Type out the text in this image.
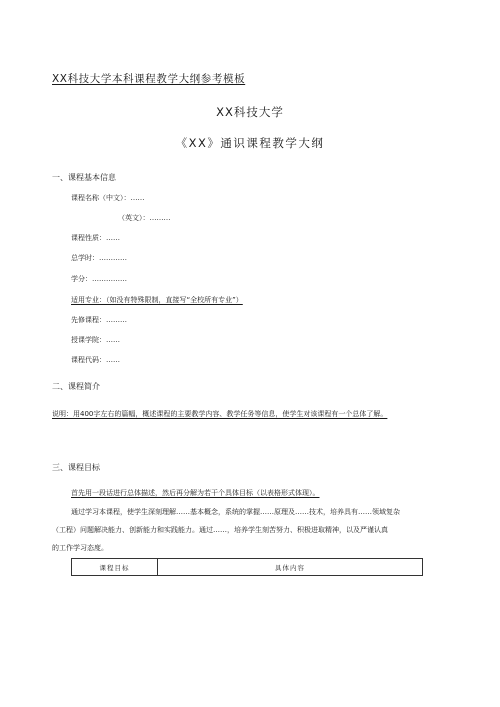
XX科技大学本科课程教学大纲参考模板
XX科技大学
《XX》通识课程教学大纲
一、课程基本信息
课程名称（中文）：……
（英文）：………
课程性质：……
总学时：…………
学分：……………
适用专业：（如没有特殊限制，直接写“全校所有专业”）
先修课程：………
授课学院：……
课程代码：……
二、课程简介
说明：用400字左右的篇幅，概述课程的主要教学内容、教学任务等信息，使学生对该课程有一个总体了解。
三、课程目标
首先用一段话进行总体描述，然后再分解为若干个具体目标（以表格形式体现）。
通过学习本课程，使学生深刻理解……基本概念，系统的掌握……原理及……技术，培养具有……领域复杂
（工程）问题解决能力、创新能力和实践能力。通过……，培养学生刻苦努力、积极进取精神，以及严谨认真
的工作学习态度。
课程目标	具体内容
